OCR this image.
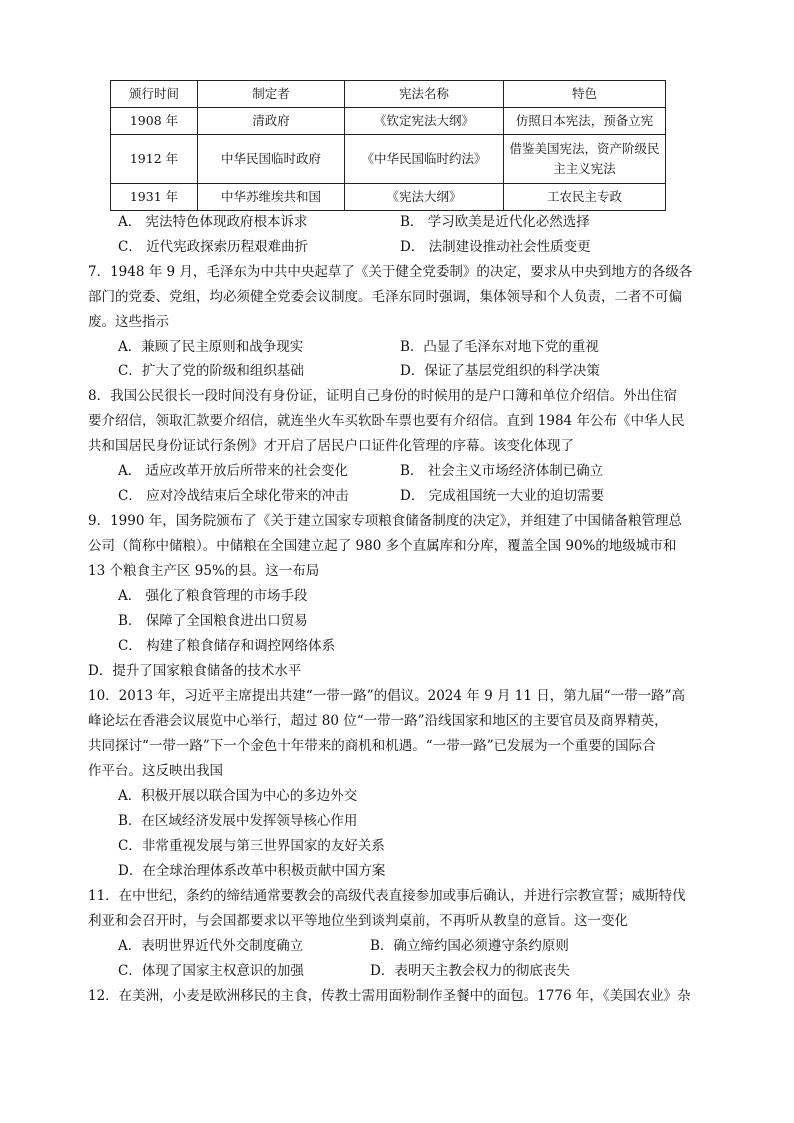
颁行时间	制定者	宪法名称	特色
1908 年	清政府	《钦定宪法大纲》	仿照日本宪法，预备立宪
1912 年	中华民国临时政府	《中华民国临时约法》	借鉴美国宪法，资产阶级民
主主义宪法
1931 年	中华苏维埃共和国	《宪法大纲》	工农民主专政
A． 宪法特色体现政府根本诉求	B． 学习欧美是近代化必然选择
C． 近代宪政探索历程艰难曲折	D． 法制建设推动社会性质变更
7．1948 年 9 月，毛泽东为中共中央起草了《关于健全党委制》的决定，要求从中央到地方的各级各
部门的党委、党组，均必须健全党委会议制度。毛泽东同时强调，集体领导和个人负责，二者不可偏
废。这些指示
A．兼顾了民主原则和战争现实	B．凸显了毛泽东对地下党的重视
C．扩大了党的阶级和组织基础	D．保证了基层党组织的科学决策
8．我国公民很长一段时间没有身份证，证明自己身份的时候用的是户口簿和单位介绍信。外出住宿
要介绍信，领取汇款要介绍信，就连坐火车买软卧车票也要有介绍信。直到 1984 年公布《中华人民
共和国居民身份证试行条例》才开启了居民户口证件化管理的序幕。该变化体现了
A． 适应改革开放后所带来的社会变化	B． 社会主义市场经济体制已确立
C． 应对冷战结束后全球化带来的冲击	D． 完成祖国统一大业的迫切需要
9．1990 年，国务院颁布了《关于建立国家专项粮食储备制度的决定》，并组建了中国储备粮管理总
公司（简称中储粮）。中储粮在全国建立起了 980 多个直属库和分库，覆盖全国 90%的地级城市和
13 个粮食主产区 95%的县。这一布局
A． 强化了粮食管理的市场手段
B． 保障了全国粮食进出口贸易
C． 构建了粮食储存和调控网络体系
D．提升了国家粮食储备的技术水平
10．2013 年，习近平主席提出共建“一带一路”的倡议。2024 年 9 月 11 日，第九届“一带一路”高
峰论坛在香港会议展览中心举行，超过 80 位“一带一路”沿线国家和地区的主要官员及商界精英，
共同探讨“一带一路”下一个金色十年带来的商机和机遇。“一带一路”已发展为一个重要的国际合
作平台。这反映出我国
A．积极开展以联合国为中心的多边外交
B．在区域经济发展中发挥领导核心作用
C．非常重视发展与第三世界国家的友好关系
D．在全球治理体系改革中积极贡献中国方案
11．在中世纪，条约的缔结通常要教会的高级代表直接参加或事后确认，并进行宗教宣誓；威斯特伐
利亚和会召开时，与会国都要求以平等地位坐到谈判桌前，不再听从教皇的意旨。这一变化
A．表明世界近代外交制度确立	B．确立缔约国必须遵守条约原则
C．体现了国家主权意识的加强	D．表明天主教会权力的彻底丧失
12．在美洲，小麦是欧洲移民的主食，传教士需用面粉制作圣餐中的面包。1776 年，《美国农业》杂
